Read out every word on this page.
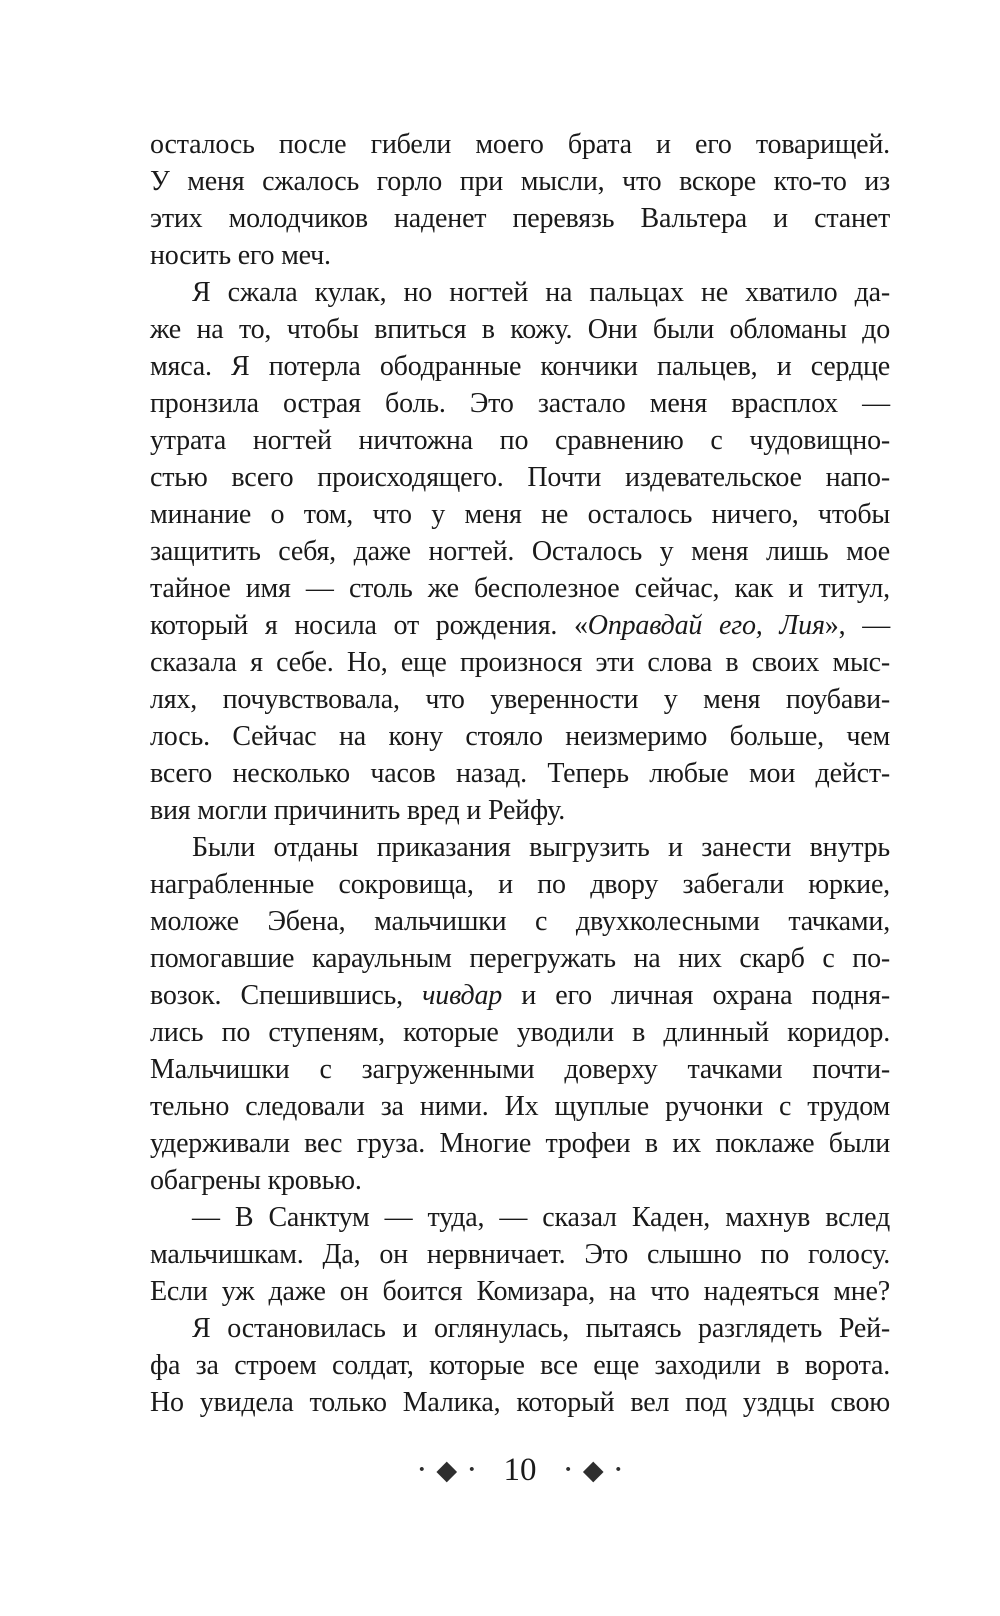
осталось после гибели моего брата и его товарищей.
У меня сжалось горло при мысли, что вскоре кто-то из
этих молодчиков наденет перевязь Вальтера и станет
носить его меч.
Я сжала кулак, но ногтей на пальцах не хватило да-
же на то, чтобы впиться в кожу. Они были обломаны до
мяса. Я потерла ободранные кончики пальцев, и сердце
пронзила острая боль. Это застало меня врасплох —
утрата ногтей ничтожна по сравнению с чудовищно-
стью всего происходящего. Почти издевательское напо-
минание о том, что у меня не осталось ничего, чтобы
защитить себя, даже ногтей. Осталось у меня лишь мое
тайное имя — столь же бесполезное сейчас, как и титул,
который я носила от рождения. «Оправдай его, Лия», —
сказала я себе. Но, еще произнося эти слова в своих мыс-
лях, почувствовала, что уверенности у меня поубави-
лось. Сейчас на кону стояло неизмеримо больше, чем
всего несколько часов назад. Теперь любые мои дейст-
вия могли причинить вред и Рейфу.
Были отданы приказания выгрузить и занести внутрь
награбленные сокровища, и по двору забегали юркие,
моложе Эбена, мальчишки с двухколесными тачками,
помогавшие караульным перегружать на них скарб с по-
возок. Спешившись, чивдар и его личная охрана подня-
лись по ступеням, которые уводили в длинный коридор.
Мальчишки с загруженными доверху тачками почти-
тельно следовали за ними. Их щуплые ручонки с трудом
удерживали вес груза. Многие трофеи в их поклаже были
обагрены кровью.
— В Санктум — туда, — сказал Каден, махнув вслед
мальчишкам. Да, он нервничает. Это слышно по голосу.
Если уж даже он боится Комизара, на что надеяться мне?
Я остановилась и оглянулась, пытаясь разглядеть Рей-
фа за строем солдат, которые все еще заходили в ворота.
Но увидела только Малика, который вел под уздцы свою
· ◆ · 10 · ◆ ·
